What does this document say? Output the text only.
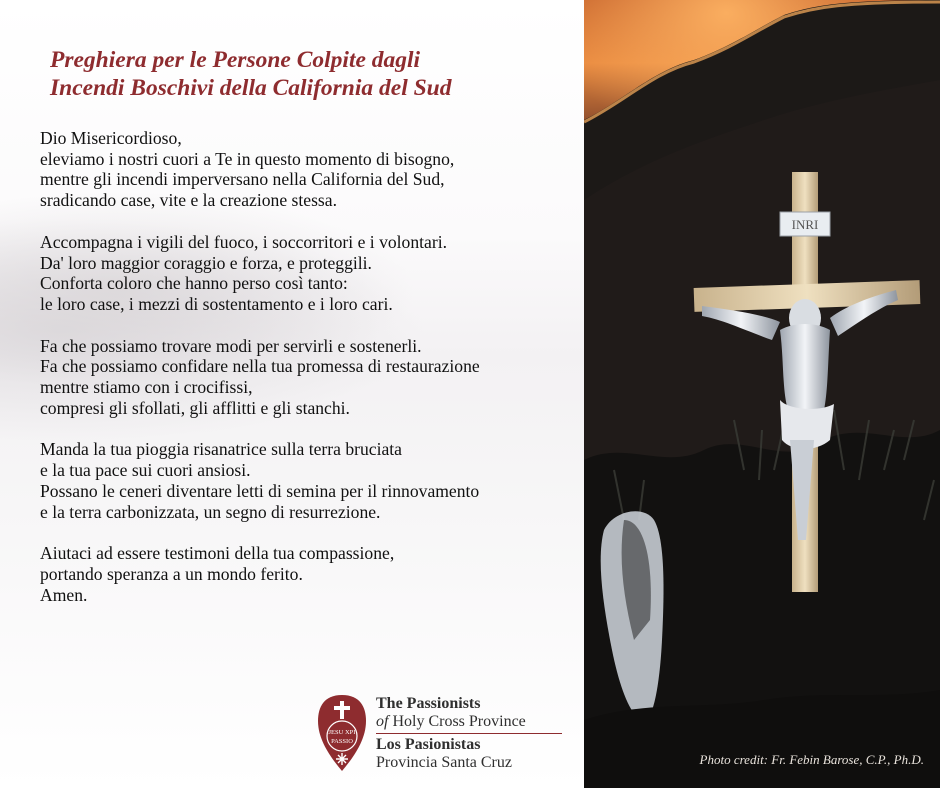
Preghiera per le Persone Colpite dagli
Incendi Boschivi della California del Sud

Dio Misericordioso,
eleviamo i nostri cuori a Te in questo momento di bisogno,
mentre gli incendi imperversano nella California del Sud,
sradicando case, vite e la creazione stessa.

Accompagna i vigili del fuoco, i soccorritori e i volontari.
Da' loro maggior coraggio e forza, e proteggili.
Conforta coloro che hanno perso così tanto:
le loro case, i mezzi di sostentamento e i loro cari.

Fa che possiamo trovare modi per servirli e sostenerli.
Fa che possiamo confidare nella tua promessa di restaurazione
mentre stiamo con i crocifissi,
compresi gli sfollati, gli afflitti e gli stanchi.

Manda la tua pioggia risanatrice sulla terra bruciata
e la tua pace sui cuori ansiosi.
Possano le ceneri diventare letti di semina per il rinnovamento
e la terra carbonizzata, un segno di resurrezione.

Aiutaci ad essere testimoni della tua compassione,
portando speranza a un mondo ferito.
Amen.

JESU XPI
PASSIO
The Passionists
of Holy Cross Province
Los Pasionistas
Provincia Santa Cruz
INRI
Photo credit: Fr. Febin Barose, C.P., Ph.D.
